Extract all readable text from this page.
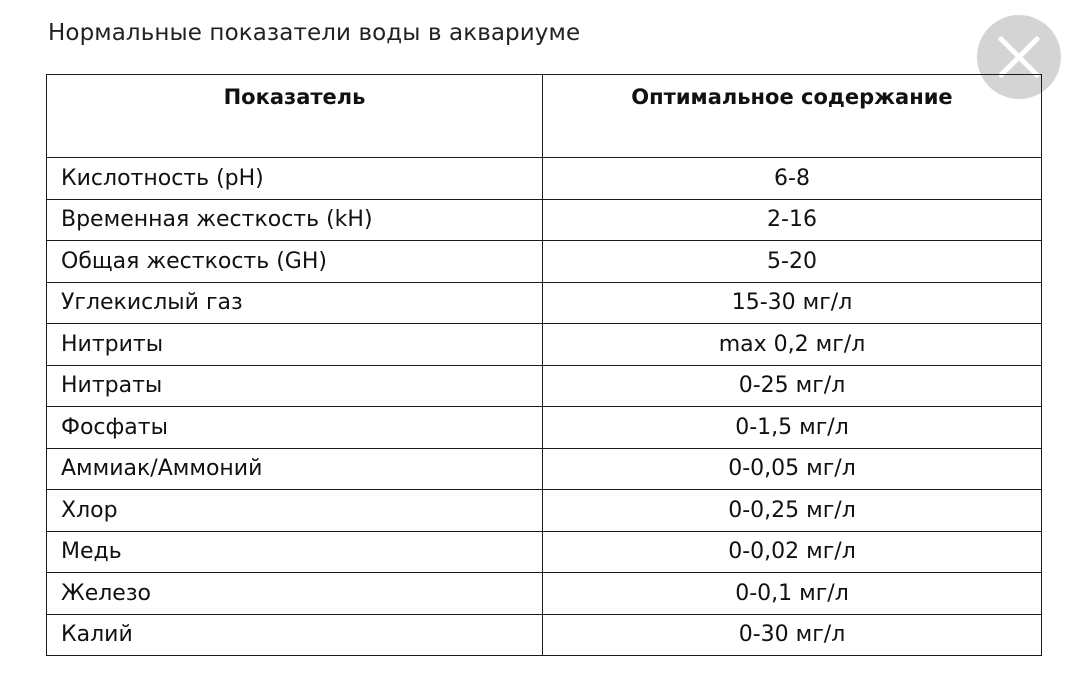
Нормальные показатели воды в аквариуме
Показатель	Оптимальное содержание
Кислотность (pH)	6-8
Временная жесткость (kH)	2-16
Общая жесткость (GH)	5-20
Углекислый газ	15-30 мг/л
Нитриты	max 0,2 мг/л
Нитраты	0-25 мг/л
Фосфаты	0-1,5 мг/л
Аммиак/Аммоний	0-0,05 мг/л
Хлор	0-0,25 мг/л
Медь	0-0,02 мг/л
Железо	0-0,1 мг/л
Калий	0-30 мг/л
